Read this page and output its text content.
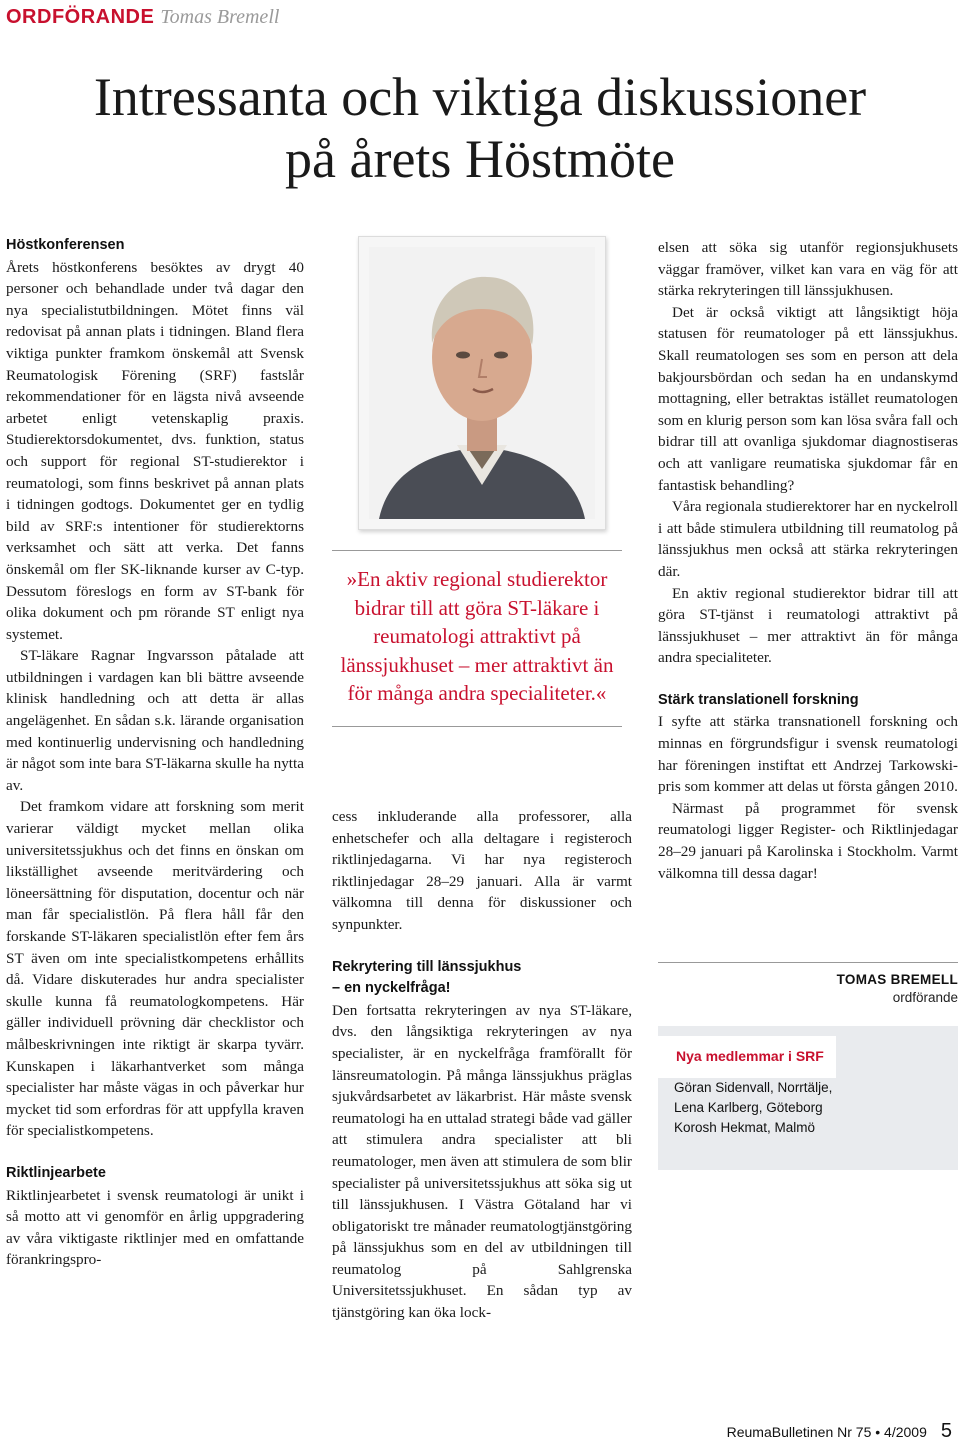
ORDFÖRANDE Tomas Bremell
Intressanta och viktiga diskussioner
på årets Höstmöte

Höstkonferensen

Årets höstkonferens besöktes av drygt 40 personer och behandlade under två dagar den nya specialistutbildningen. Mötet finns väl redovisat på annan plats i tidningen. Bland flera viktiga punkter framkom önskemål att Svensk Reumatologisk Förening (SRF) fastslår rekommendationer för en lägsta nivå avseende arbetet enligt vetenskaplig praxis. Studierektorsdokumentet, dvs. funktion, status och support för regional ST-studierektor i reumatologi, som finns beskrivet på annan plats i tidningen godtogs. Dokumentet ger en tydlig bild av SRF:s intentioner för studierektorns verksamhet och sätt att verka. Det fanns önskemål om fler SK-liknande kurser av C-typ. Dessutom föreslogs en form av ST-bank för olika dokument och pm rörande ST enligt nya systemet.

ST-läkare Ragnar Ingvarsson påtalade att utbildningen i vardagen kan bli bättre avseende klinisk handledning och att detta är allas angelägenhet. En sådan s.k. lärande organisation med kontinuerlig undervisning och handledning är något som inte bara ST-läkarna skulle ha nytta av.

Det framkom vidare att forskning som merit varierar väldigt mycket mellan olika universitetssjukhus och det finns en önskan om likställighet avseende meritvärdering och löneersättning för disputation, docentur och när man får specialistlön. På flera håll får den forskande ST-läkaren specialistlön efter fem års ST även om inte specialistkompetens erhållits då. Vidare diskuterades hur andra specialister skulle kunna få reumatologkompetens. Här gäller individuell prövning där checklistor och målbeskrivningen inte riktigt är skarpa tyvärr. Kunskapen i läkarhantverket som många specialister har måste vägas in och påverkar hur mycket tid som erfordras för att uppfylla kraven för specialistkompetens.

Riktlinjearbete

Riktlinjearbetet i svensk reumatologi är unikt i så motto att vi genomför en årlig uppgradering av våra viktigaste riktlinjer med en omfattande förankringspro-

»En aktiv regional studierektor bidrar till att göra ST-läkare i reumatologi attraktivt på länssjukhuset – mer attraktivt än för många andra specialiteter.«

cess inkluderande alla professorer, alla enhetschefer och alla deltagare i registeroch riktlinjedagarna. Vi har nya registeroch riktlinjedagar 28–29 januari. Alla är varmt välkomna till denna för diskussioner och synpunkter.

Rekrytering till länssjukhus
– en nyckelfråga!

Den fortsatta rekryteringen av nya ST-läkare, dvs. den långsiktiga rekryteringen av nya specialister, är en nyckelfråga framförallt för länsreumatologin. På många länssjukhus präglas sjukvårdsarbetet av läkarbrist. Här måste svensk reumatologi ha en uttalad strategi både vad gäller att stimulera andra specialister att bli reumatologer, men även att stimulera de som blir specialister på universitetssjukhus att söka sig ut till länssjukhusen. I Västra Götaland har vi obligatoriskt tre månader reumatologtjänstgöring på länssjukhus som en del av utbildningen till reumatolog på Sahlgrenska Universitetssjukhuset. En sådan typ av tjänstgöring kan öka lock-

elsen att söka sig utanför regionsjukhusets väggar framöver, vilket kan vara en väg för att stärka rekryteringen till länssjukhusen.

Det är också viktigt att långsiktigt höja statusen för reumatologer på ett länssjukhus. Skall reumatologen ses som en person att dela bakjoursbördan och sedan ha en undanskymd mottagning, eller betraktas istället reumatologen som en klurig person som kan lösa svåra fall och bidrar till att ovanliga sjukdomar diagnostiseras och att vanligare reumatiska sjukdomar får en fantastisk behandling?

Våra regionala studierektorer har en nyckelroll i att både stimulera utbildning till reumatolog på länssjukhus men också att stärka rekryteringen där.

En aktiv regional studierektor bidrar till att göra ST-tjänst i reumatologi attraktivt på länssjukhuset – mer attraktivt än för många andra specialiteter.

Stärk translationell forskning

I syfte att stärka transnationell forskning och minnas en förgrundsfigur i svensk reumatologi har föreningen instiftat ett Andrzej Tarkowski-pris som kommer att delas ut första gången 2010.

Närmast på programmet för svensk reumatologi ligger Register- och Riktlinjedagar 28–29 januari på Karolinska i Stockholm. Varmt välkomna till dessa dagar!

TOMAS BREMELL
ordförande
Nya medlemmar i SRF
Göran Sidenvall, Norrtälje,
Lena Karlberg, Göteborg
Korosh Hekmat, Malmö
ReumaBulletinen Nr 75 • 4/2009 5
